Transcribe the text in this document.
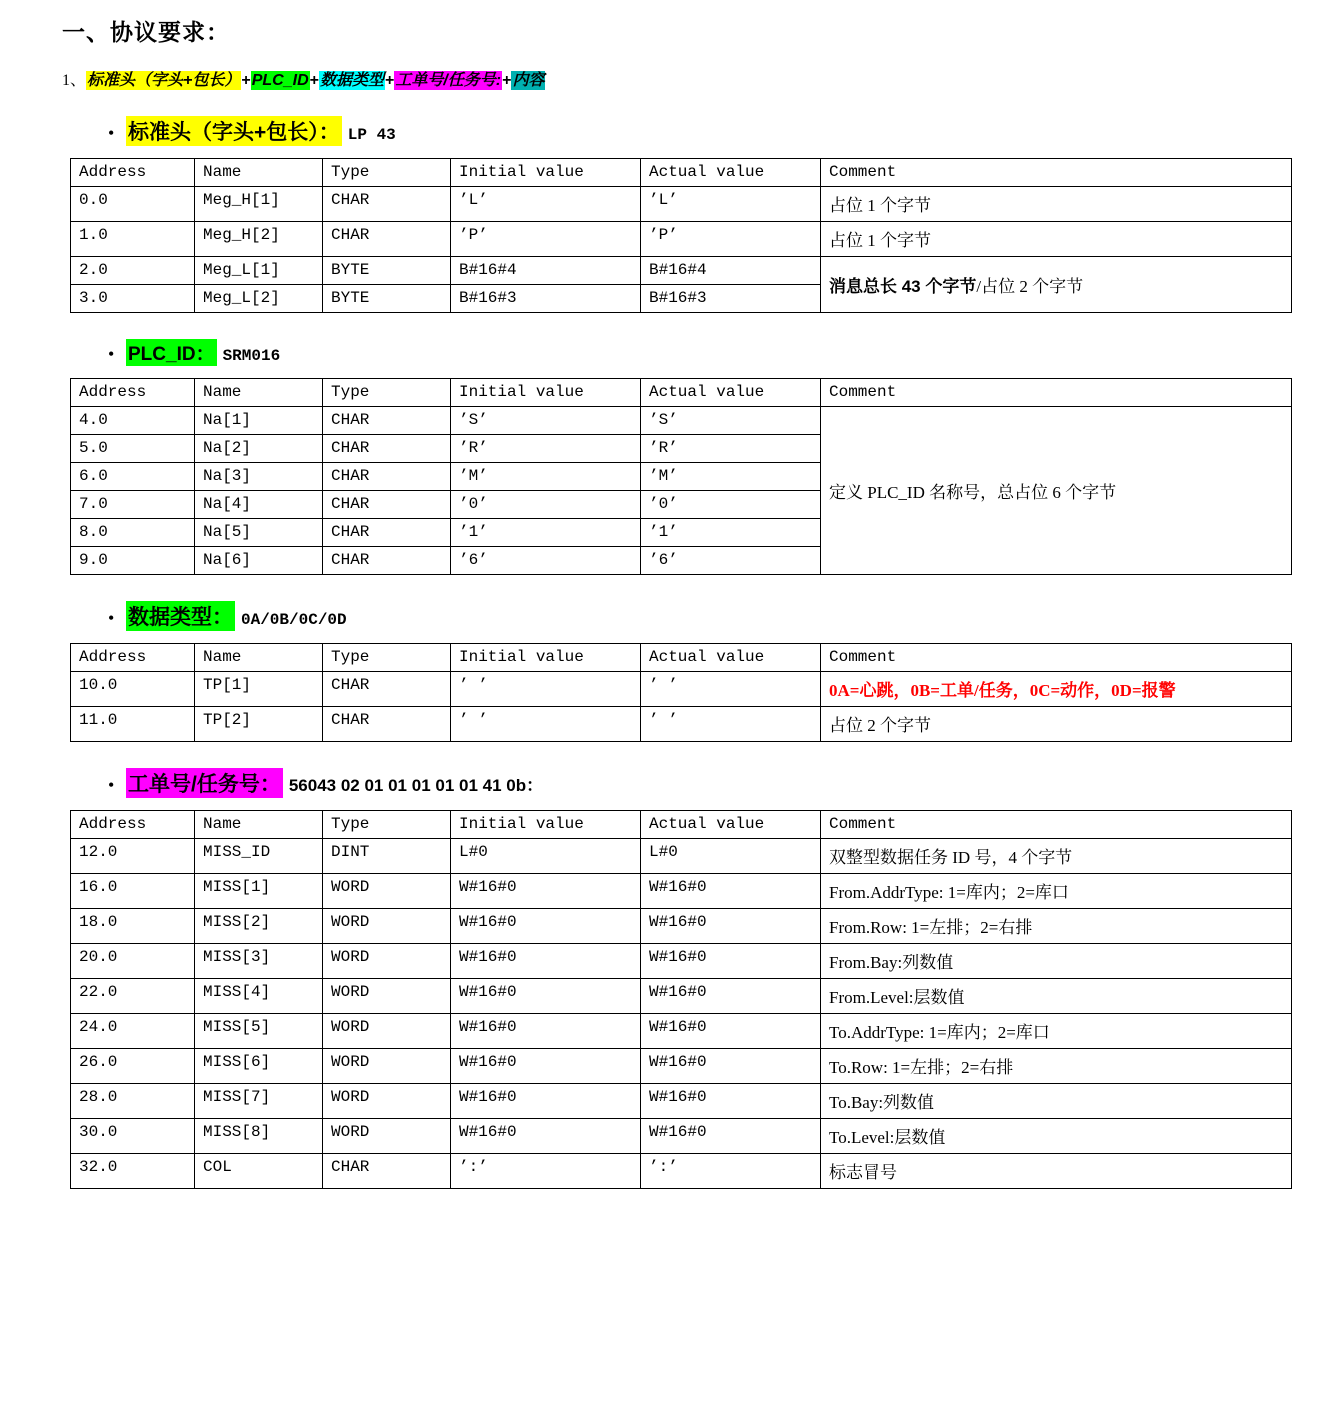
一、协议要求：
1、标准头（字头+包长）+PLC_ID+数据类型+工单号/任务号:+内容
• 标准头（字头+包长）： LP 43
Address	Name	Type	Initial value	Actual value	Comment
0.0	Meg_H[1]	CHAR	’L’	’L’	占位 1 个字节
1.0	Meg_H[2]	CHAR	’P’	’P’	占位 1 个字节
2.0	Meg_L[1]	BYTE	B#16#4	B#16#4	消息总长 43 个字节/占位 2 个字节
3.0	Meg_L[2]	BYTE	B#16#3	B#16#3	
• PLC_ID： SRM016
Address	Name	Type	Initial value	Actual value	Comment
4.0	Na[1]	CHAR	’S’	’S’	定义 PLC_ID 名称号，总占位 6 个字节
5.0	Na[2]	CHAR	’R’	’R’	
6.0	Na[3]	CHAR	’M’	’M’	
7.0	Na[4]	CHAR	’0’	’0’	
8.0	Na[5]	CHAR	’1’	’1’	
9.0	Na[6]	CHAR	’6’	’6’	
• 数据类型： 0A/0B/0C/0D
Address	Name	Type	Initial value	Actual value	Comment
10.0	TP[1]	CHAR	’ ’	’ ’	0A=心跳，0B=工单/任务，0C=动作，0D=报警
11.0	TP[2]	CHAR	’ ’	’ ’	占位 2 个字节
• 工单号/任务号： 56043 02 01 01 01 01 01 41 0b：
Address	Name	Type	Initial value	Actual value	Comment
12.0	MISS_ID	DINT	L#0	L#0	双整型数据任务 ID 号，4 个字节
16.0	MISS[1]	WORD	W#16#0	W#16#0	From.AddrType: 1=库内；2=库口
18.0	MISS[2]	WORD	W#16#0	W#16#0	From.Row: 1=左排；2=右排
20.0	MISS[3]	WORD	W#16#0	W#16#0	From.Bay:列数值
22.0	MISS[4]	WORD	W#16#0	W#16#0	From.Level:层数值
24.0	MISS[5]	WORD	W#16#0	W#16#0	To.AddrType: 1=库内；2=库口
26.0	MISS[6]	WORD	W#16#0	W#16#0	To.Row: 1=左排；2=右排
28.0	MISS[7]	WORD	W#16#0	W#16#0	To.Bay:列数值
30.0	MISS[8]	WORD	W#16#0	W#16#0	To.Level:层数值
32.0	COL	CHAR	’:’	’:’	标志冒号
